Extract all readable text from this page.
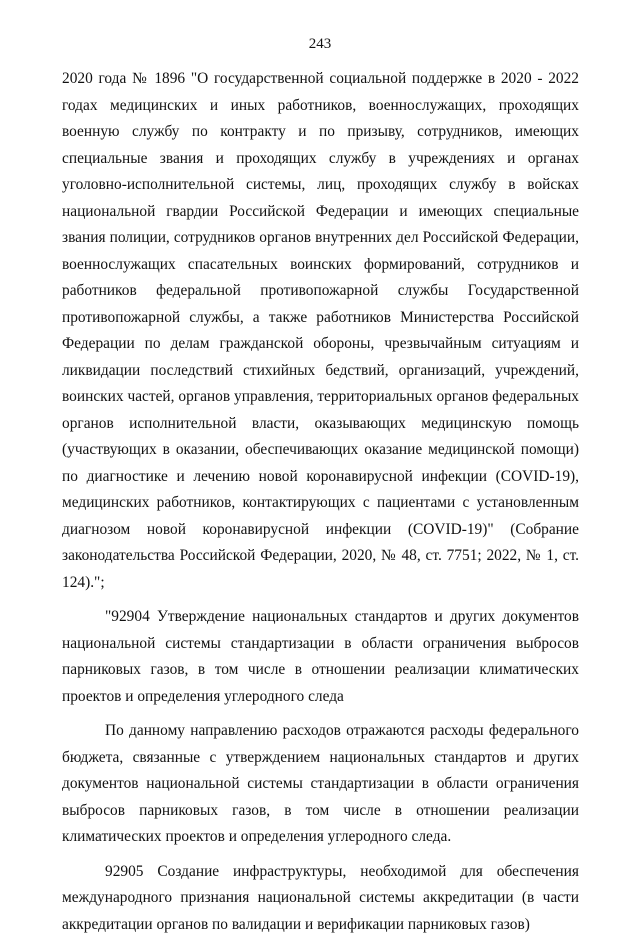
243

2020 года № 1896 "О государственной социальной поддержке в 2020 - 2022 годах медицинских и иных работников, военнослужащих, проходящих военную службу по контракту и по призыву, сотрудников, имеющих специальные звания и проходящих службу в учреждениях и органах уголовно-исполнительной системы, лиц, проходящих службу в войсках национальной гвардии Российской Федерации и имеющих специальные звания полиции, сотрудников органов внутренних дел Российской Федерации, военнослужащих спасательных воинских формирований, сотрудников и работников федеральной противопожарной службы Государственной противопожарной службы, а также работников Министерства Российской Федерации по делам гражданской обороны, чрезвычайным ситуациям и ликвидации последствий стихийных бедствий, организаций, учреждений, воинских частей, органов управления, территориальных органов федеральных органов исполнительной власти, оказывающих медицинскую помощь (участвующих в оказании, обеспечивающих оказание медицинской помощи) по диагностике и лечению новой коронавирусной инфекции (COVID-19), медицинских работников, контактирующих с пациентами с установленным диагнозом новой коронавирусной инфекции (COVID-19)" (Собрание законодательства Российской Федерации, 2020, № 48, ст. 7751; 2022, № 1, ст. 124).";

"92904 Утверждение национальных стандартов и других документов национальной системы стандартизации в области ограничения выбросов парниковых газов, в том числе в отношении реализации климатических проектов и определения углеродного следа

По данному направлению расходов отражаются расходы федерального бюджета, связанные с утверждением национальных стандартов и других документов национальной системы стандартизации в области ограничения выбросов парниковых газов, в том числе в отношении реализации климатических проектов и определения углеродного следа.

92905 Создание инфраструктуры, необходимой для обеспечения международного признания национальной системы аккредитации (в части аккредитации органов по валидации и верификации парниковых газов)
